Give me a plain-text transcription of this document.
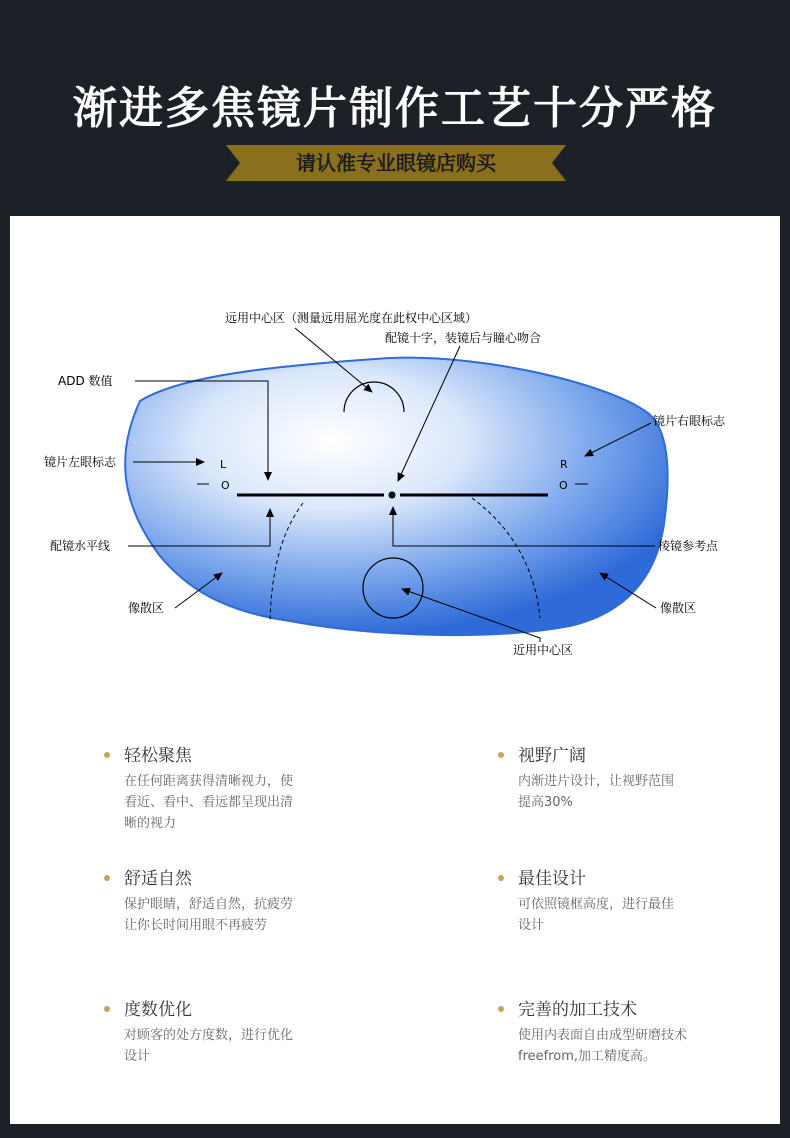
渐进多焦镜片制作工艺十分严格
请认准专业眼镜店购买
L
O
R
O
远用中心区（测量远用屈光度在此权中心区域）
配镜十字，装镜后与瞳心吻合
ADD 数值
镜片左眼标志
镜片右眼标志
配镜水平线	棱镜参考点
像散区	像散区
近用中心区
轻松聚焦
在任何距离获得清晰视力，使看近、看中、看远都呈现出清晰的视力
视野广阔
内渐进片设计，让视野范围提高30%
舒适自然
保护眼睛，舒适自然，抗疲劳让你长时间用眼不再疲劳
最佳设计
可依照镜框高度，进行最佳设计
度数优化
对顾客的处方度数，进行优化设计
完善的加工技术
使用内表面自由成型研磨技术freefrom,加工精度高。
